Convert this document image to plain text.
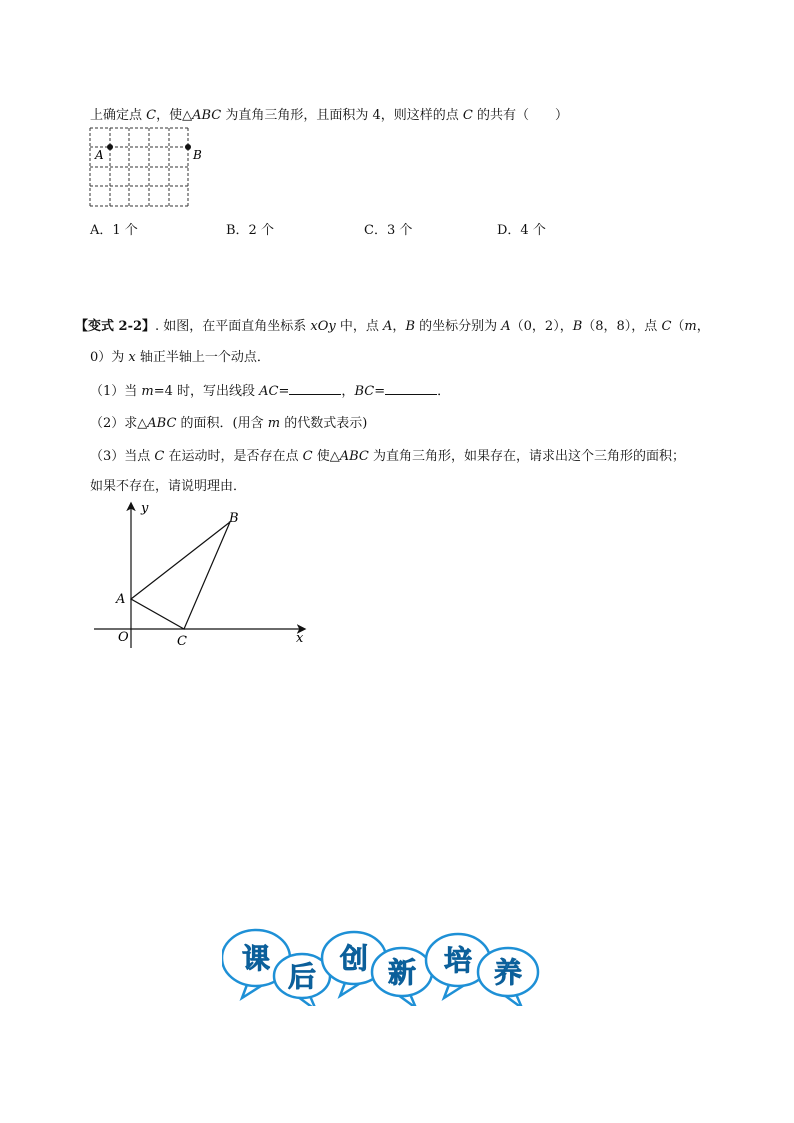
上确定点 C，使△ABC 为直角三角形，且面积为 4，则这样的点 C 的共有（　　）
A	B
A．1 个	B．2 个	C．3 个	D．4 个
【变式 2-2】. 如图，在平面直角坐标系 xOy 中，点 A，B 的坐标分别为 A（0，2），B（8，8），点 C（m，
0）为 x 轴正半轴上一个动点．
（1）当 m=4 时，写出线段 AC=	，BC=	．
（2）求△ABC 的面积．(用含 m 的代数式表示)
（3）当点 C 在运动时，是否存在点 C 使△ABC 为直角三角形，如果存在，请求出这个三角形的面积；
如果不存在，请说明理由．
y
x
O
A
B
C
课
后
创 新 培 养
